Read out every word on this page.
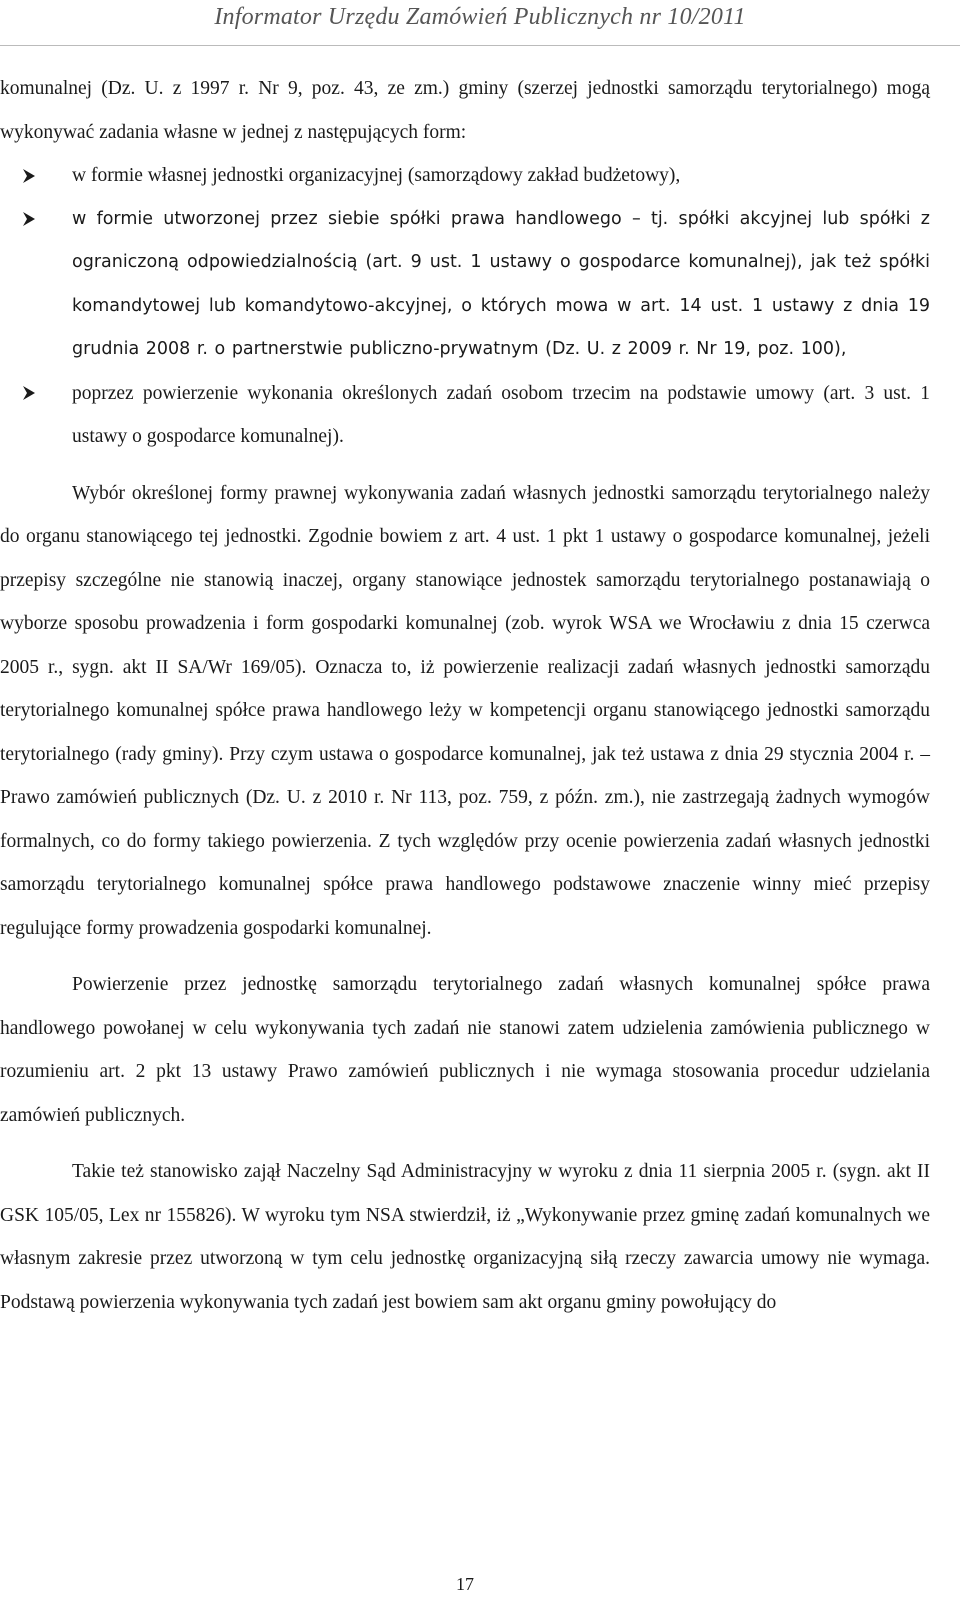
Informator Urzędu Zamówień Publicznych nr 10/2011

komunalnej (Dz. U. z 1997 r. Nr 9, poz. 43, ze zm.) gminy (szerzej jednostki samorządu terytorialnego) mogą wykonywać zadania własne w jednej z następujących form:

w formie własnej jednostki organizacyjnej (samorządowy zakład budżetowy),
w formie utworzonej przez siebie spółki prawa handlowego – tj. spółki akcyjnej lub spółki z ograniczoną odpowiedzialnością (art. 9 ust. 1 ustawy o gospodarce komunalnej), jak też spółki komandytowej lub komandytowo-akcyjnej, o których mowa w art. 14 ust. 1 ustawy z dnia 19 grudnia 2008 r. o partnerstwie publiczno-prywatnym (Dz. U. z 2009 r. Nr 19, poz. 100),
poprzez powierzenie wykonania określonych zadań osobom trzecim na podstawie umowy (art. 3 ust. 1 ustawy o gospodarce komunalnej).

Wybór określonej formy prawnej wykonywania zadań własnych jednostki samorządu terytorialnego należy do organu stanowiącego tej jednostki. Zgodnie bowiem z art. 4 ust. 1 pkt 1 ustawy o gospodarce komunalnej, jeżeli przepisy szczególne nie stanowią inaczej, organy stanowiące jednostek samorządu terytorialnego postanawiają o wyborze sposobu prowadzenia i form gospodarki komunalnej (zob. wyrok WSA we Wrocławiu z dnia 15 czerwca 2005 r., sygn. akt II SA/Wr 169/05). Oznacza to, iż powierzenie realizacji zadań własnych jednostki samorządu terytorialnego komunalnej spółce prawa handlowego leży w kompetencji organu stanowiącego jednostki samorządu terytorialnego (rady gminy). Przy czym ustawa o gospodarce komunalnej, jak też ustawa z dnia 29 stycznia 2004 r. – Prawo zamówień publicznych (Dz. U. z 2010 r. Nr 113, poz. 759, z późn. zm.), nie zastrzegają żadnych wymogów formalnych, co do formy takiego powierzenia. Z tych względów przy ocenie powierzenia zadań własnych jednostki samorządu terytorialnego komunalnej spółce prawa handlowego podstawowe znaczenie winny mieć przepisy regulujące formy prowadzenia gospodarki komunalnej.

Powierzenie przez jednostkę samorządu terytorialnego zadań własnych komunalnej spółce prawa handlowego powołanej w celu wykonywania tych zadań nie stanowi zatem udzielenia zamówienia publicznego w rozumieniu art. 2 pkt 13 ustawy Prawo zamówień publicznych i nie wymaga stosowania procedur udzielania zamówień publicznych.

Takie też stanowisko zajął Naczelny Sąd Administracyjny w wyroku z dnia 11 sierpnia 2005 r. (sygn. akt II GSK 105/05, Lex nr 155826). W wyroku tym NSA stwierdził, iż „Wykonywanie przez gminę zadań komunalnych we własnym zakresie przez utworzoną w tym celu jednostkę organizacyjną siłą rzeczy zawarcia umowy nie wymaga. Podstawą powierzenia wykonywania tych zadań jest bowiem sam akt organu gminy powołujący do

17
